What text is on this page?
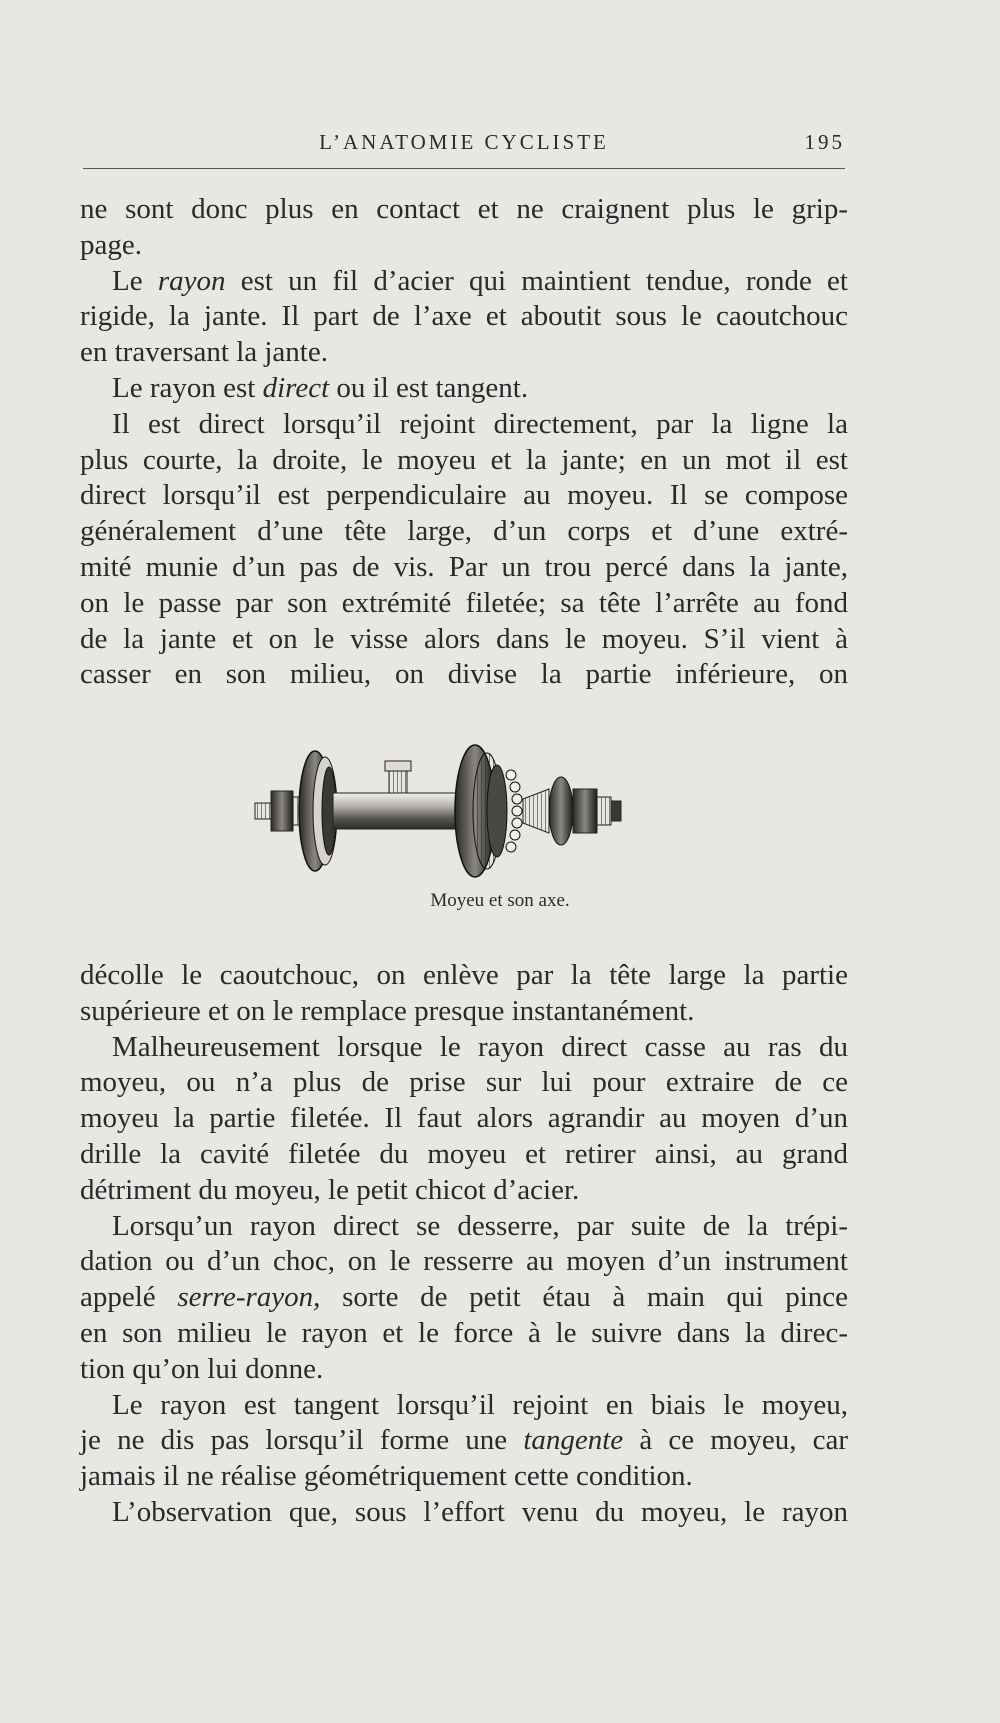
L’ANATOMIE CYCLISTE	195
ne sont donc plus en contact et ne craignent plus le grip-
page.
Le rayon est un fil d’acier qui maintient tendue, ronde et
rigide, la jante. Il part de l’axe et aboutit sous le caoutchouc
en traversant la jante.
Le rayon est direct ou il est tangent.
Il est direct lorsqu’il rejoint directement, par la ligne la
plus courte, la droite, le moyeu et la jante; en un mot il est
direct lorsqu’il est perpendiculaire au moyeu. Il se compose
généralement d’une tête large, d’un corps et d’une extré-
mité munie d’un pas de vis. Par un trou percé dans la jante,
on le passe par son extrémité filetée; sa tête l’arrête au fond
de la jante et on le visse alors dans le moyeu. S’il vient à
casser en son milieu, on divise la partie inférieure, on
Moyeu et son axe.
décolle le caoutchouc, on enlève par la tête large la partie
supérieure et on le remplace presque instantanément.
Malheureusement lorsque le rayon direct casse au ras du
moyeu, ou n’a plus de prise sur lui pour extraire de ce
moyeu la partie filetée. Il faut alors agrandir au moyen d’un
drille la cavité filetée du moyeu et retirer ainsi, au grand
détriment du moyeu, le petit chicot d’acier.
Lorsqu’un rayon direct se desserre, par suite de la trépi-
dation ou d’un choc, on le resserre au moyen d’un instrument
appelé serre-rayon, sorte de petit étau à main qui pince
en son milieu le rayon et le force à le suivre dans la direc-
tion qu’on lui donne.
Le rayon est tangent lorsqu’il rejoint en biais le moyeu,
je ne dis pas lorsqu’il forme une tangente à ce moyeu, car
jamais il ne réalise géométriquement cette condition.
L’observation que, sous l’effort venu du moyeu, le rayon
